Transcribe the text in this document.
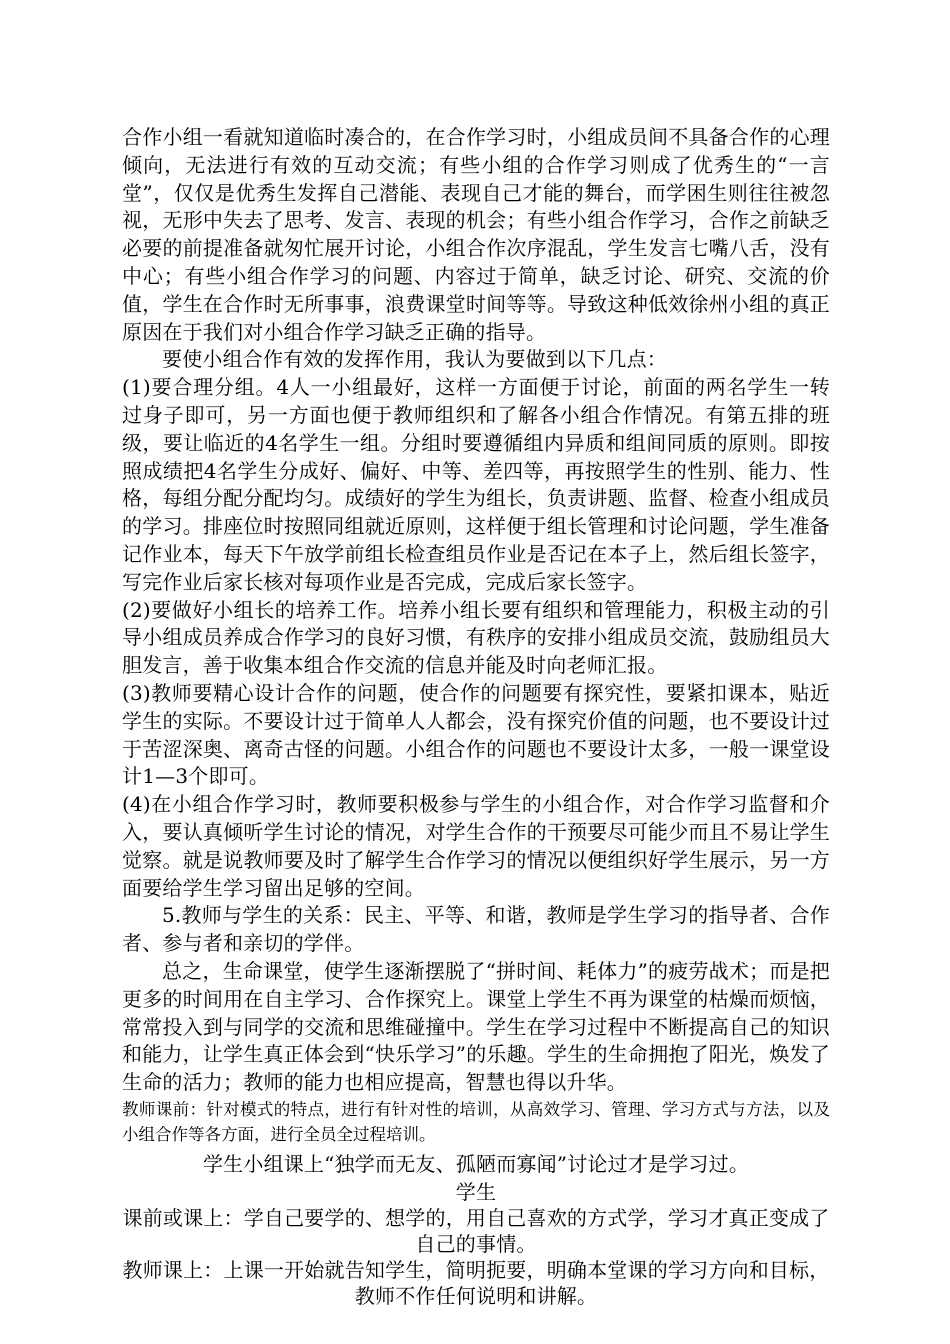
合作小组一看就知道临时凑合的，在合作学习时，小组成员间不具备合作的心理倾向，无法进行有效的互动交流；有些小组的合作学习则成了优秀生的“一言堂”，仅仅是优秀生发挥自己潜能、表现自己才能的舞台，而学困生则往往被忽视，无形中失去了思考、发言、表现的机会；有些小组合作学习，合作之前缺乏必要的前提准备就匆忙展开讨论，小组合作次序混乱，学生发言七嘴八舌，没有中心；有些小组合作学习的问题、内容过于简单，缺乏讨论、研究、交流的价值，学生在合作时无所事事，浪费课堂时间等等。导致这种低效徐州小组的真正原因在于我们对小组合作学习缺乏正确的指导。

要使小组合作有效的发挥作用，我认为要做到以下几点：

(1)要合理分组。4人一小组最好，这样一方面便于讨论，前面的两名学生一转过身子即可，另一方面也便于教师组织和了解各小组合作情况。有第五排的班级，要让临近的4名学生一组。分组时要遵循组内异质和组间同质的原则。即按照成绩把4名学生分成好、偏好、中等、差四等，再按照学生的性别、能力、性格，每组分配分配均匀。成绩好的学生为组长，负责讲题、监督、检查小组成员的学习。排座位时按照同组就近原则，这样便于组长管理和讨论问题，学生准备记作业本，每天下午放学前组长检查组员作业是否记在本子上，然后组长签字，写完作业后家长核对每项作业是否完成，完成后家长签字。

(2)要做好小组长的培养工作。培养小组长要有组织和管理能力，积极主动的引导小组成员养成合作学习的良好习惯，有秩序的安排小组成员交流，鼓励组员大胆发言，善于收集本组合作交流的信息并能及时向老师汇报。

(3)教师要精心设计合作的问题，使合作的问题要有探究性，要紧扣课本，贴近学生的实际。不要设计过于简单人人都会，没有探究价值的问题，也不要设计过于苦涩深奥、离奇古怪的问题。小组合作的问题也不要设计太多，一般一课堂设计1—3个即可。

(4)在小组合作学习时，教师要积极参与学生的小组合作，对合作学习监督和介入，要认真倾听学生讨论的情况，对学生合作的干预要尽可能少而且不易让学生觉察。就是说教师要及时了解学生合作学习的情况以便组织好学生展示，另一方面要给学生学习留出足够的空间。

5.教师与学生的关系：民主、平等、和谐，教师是学生学习的指导者、合作者、参与者和亲切的学伴。

总之，生命课堂，使学生逐渐摆脱了“拼时间、耗体力”的疲劳战术；而是把更多的时间用在自主学习、合作探究上。课堂上学生不再为课堂的枯燥而烦恼，常常投入到与同学的交流和思维碰撞中。学生在学习过程中不断提高自己的知识和能力，让学生真正体会到“快乐学习”的乐趣。学生的生命拥抱了阳光，焕发了生命的活力；教师的能力也相应提高，智慧也得以升华。

教师课前：针对模式的特点，进行有针对性的培训，从高效学习、管理、学习方式与方法，以及小组合作等各方面，进行全员全过程培训。

学生小组课上“独学而无友、孤陋而寡闻”讨论过才是学习过。

学生

课前或课上：学自己要学的、想学的，用自己喜欢的方式学，学习才真正变成了自己的事情。

教师课上：上课一开始就告知学生，简明扼要，明确本堂课的学习方向和目标，教师不作任何说明和讲解。
